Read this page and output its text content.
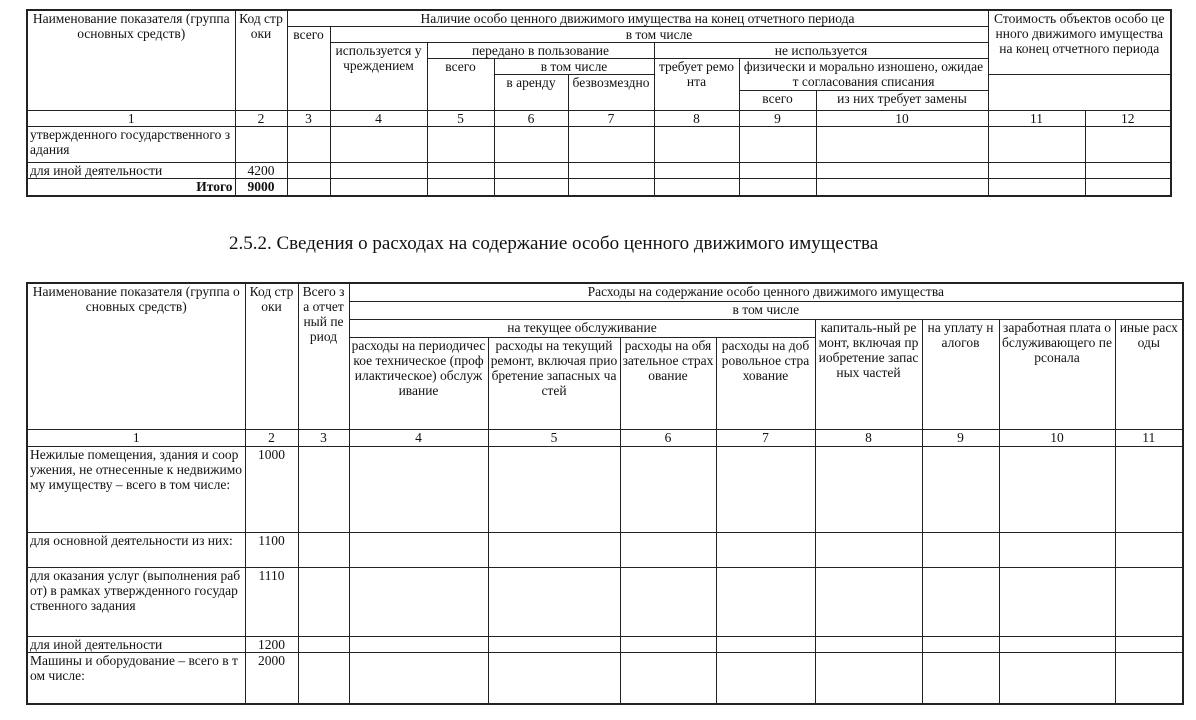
Наименование показателя (группа основных средств)	Код строки	Наличие особо ценного движимого имущества на конец отчетного периода								Стоимость объектов особо ценного движимого имущества на конец отчетного периода	
		всего	в том числе								
			используется учреждением	передано в пользование			не используется				
				всего	в том числе		требует ремонта	физически и морально изношено, ожидает согласования списания			
					в аренду	безвозмездно					
								всего	из них требует замены		
1	2	3	4	5	6	7	8	9	10	11	12
утвержденного государственного задания											
для иной деятельности	4200										
Итого	9000										
2.5.2. Сведения о расходах на содержание особо ценного движимого имущества
Наименование показателя (группа основных средств)	Код строки	Всего за отчетный период	Расходы на содержание особо ценного движимого имущества							
			в том числе							
			на текущее обслуживание				капиталь-ный ремонт, включая приобретение запасных частей	на уплату налогов	заработная плата обслуживающего персонала	иные расходы
			расходы на периодическое техническое (профилактическое) обслуживание	расходы на текущий ремонт, включая приобретение запасных частей	расходы на обязательное страхование	расходы на добровольное страхование				
1	2	3	4	5	6	7	8	9	10	11
Нежилые помещения, здания и сооружения, не отнесенные к недвижимому имуществу – всего в том числе:	1000									
для основной деятельности из них:	1100									
для оказания услуг (выполнения работ) в рамках утвержденного государственного задания	1110									
для иной деятельности	1200									
Машины и оборудование – всего в том числе:	2000									
